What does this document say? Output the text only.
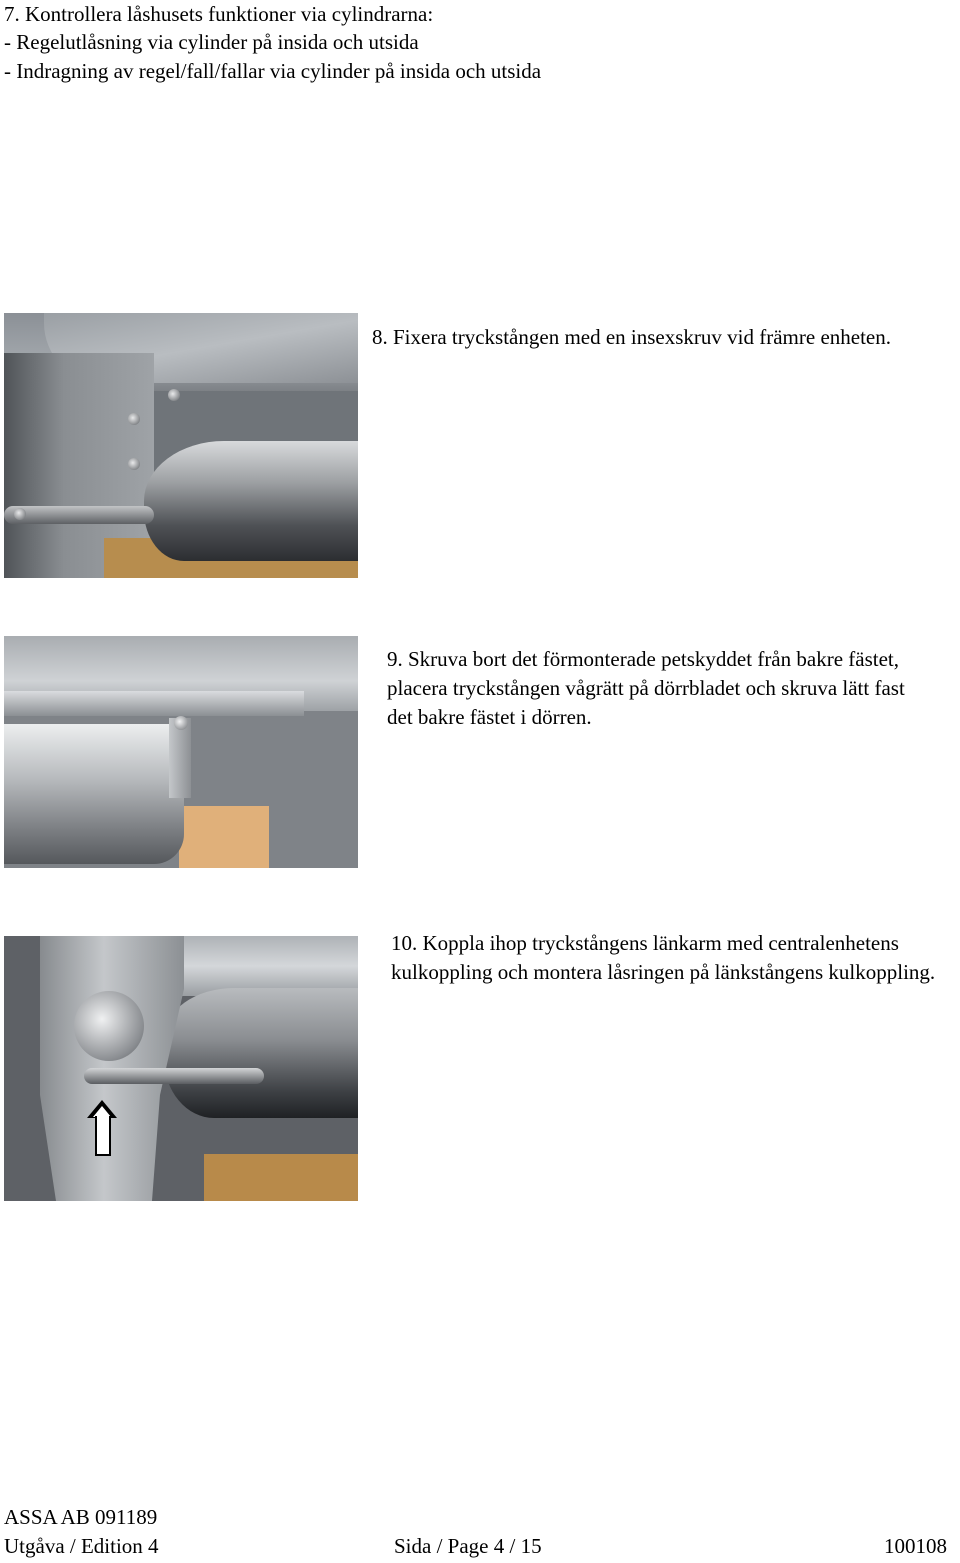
7. Kontrollera låshusets funktioner via cylindrarna:
- Regelutlåsning via cylinder på insida och utsida
- Indragning av regel/fall/fallar via cylinder på insida och utsida
8. Fixera tryckstången med en insexskruv vid främre enheten.
9. Skruva bort det förmonterade petskyddet från bakre fästet, placera tryckstången vågrätt på dörrbladet och skruva lätt fast det bakre fästet i dörren.
10. Koppla ihop tryckstångens länkarm med centralenhetens kulkoppling och montera låsringen på länkstångens kulkoppling.
ASSA AB 091189
Utgåva / Edition 4	Sida / Page 4 / 15	100108
